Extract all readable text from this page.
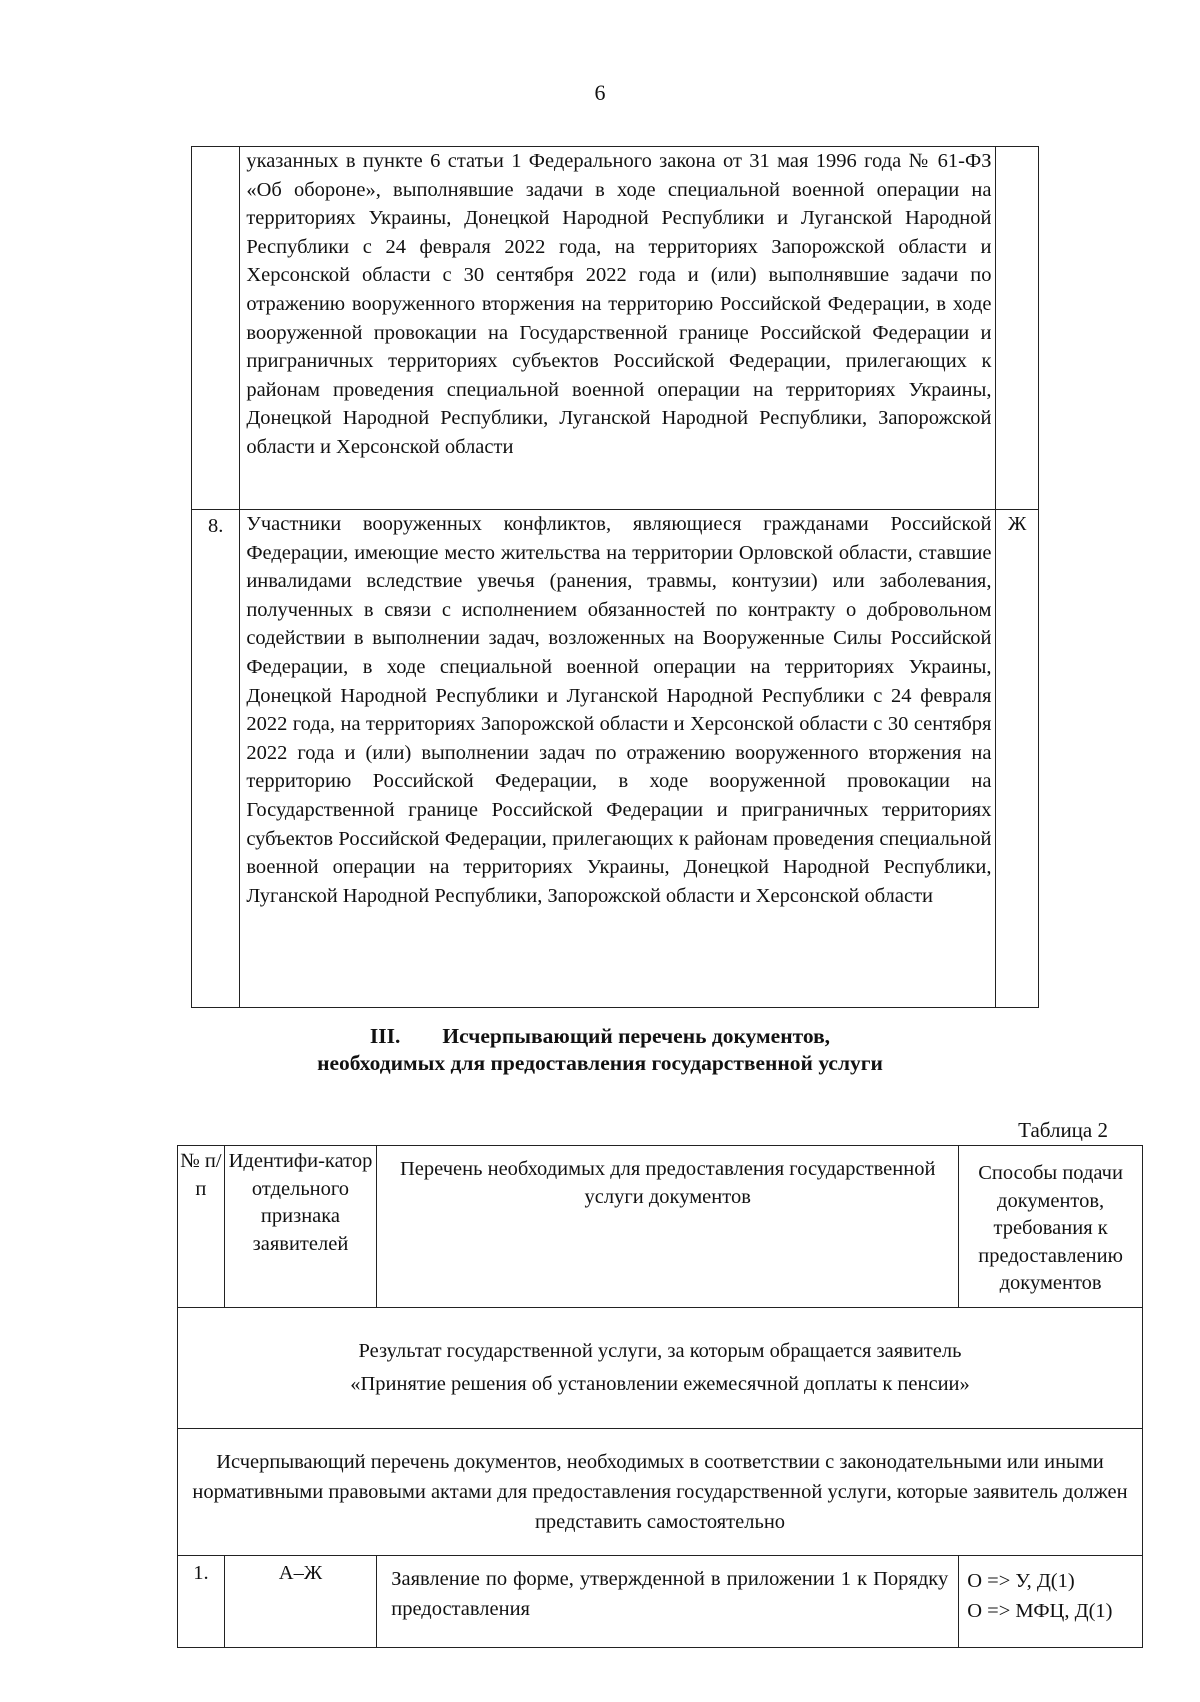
6
	указанных в пункте 6 статьи 1 Федерального закона от 31 мая 1996 года № 61-ФЗ «Об обороне», выполнявшие задачи в ходе специальной военной операции на территориях Украины, Донецкой Народной Республики и Луганской Народной Республики с 24 февраля 2022 года, на территориях Запорожской области и Херсонской области с 30 сентября 2022 года и (или) выполнявшие задачи по отражению вооруженного вторжения на территорию Российской Федерации, в ходе вооруженной провокации на Государственной границе Российской Федерации и приграничных территориях субъектов Российской Федерации, прилегающих к районам проведения специальной военной операции на территориях Украины, Донецкой Народной Республики, Луганской Народной Республики, Запорожской области и Херсонской области	
8.	Участники вооруженных конфликтов, являющиеся гражданами Российской Федерации, имеющие место жительства на территории Орловской области, ставшие инвалидами вследствие увечья (ранения, травмы, контузии) или заболевания, полученных в связи с исполнением обязанностей по контракту о добровольном содействии в выполнении задач, возложенных на Вооруженные Силы Российской Федерации, в ходе специальной военной операции на территориях Украины, Донецкой Народной Республики и Луганской Народной Республики с 24 февраля 2022 года, на территориях Запорожской области и Херсонской области с 30 сентября 2022 года и (или) выполнении задач по отражению вооруженного вторжения на территорию Российской Федерации, в ходе вооруженной провокации на Государственной границе Российской Федерации и приграничных территориях субъектов Российской Федерации, прилегающих к районам проведения специальной военной операции на территориях Украины, Донецкой Народной Республики, Луганской Народной Республики, Запорожской области и Херсонской области	Ж
III. Исчерпывающий перечень документов,
необходимых для предоставления государственной услуги
Таблица 2
№ п/п	Идентифи-катор отдельного признака заявителей	Перечень необходимых для предоставления государственной услуги документов	Способы подачи документов, требования к предоставлению документов

Результат государственной услуги, за которым обращается заявитель
«Принятие решения об установлении ежемесячной доплаты к пенсии»			

Исчерпывающий перечень документов, необходимых в соответствии с законодательными или иными нормативными правовыми актами для предоставления государственной услуги, которые заявитель должен представить самостоятельно			
1.	А–Ж	Заявление по форме, утвержденной в приложении 1 к Порядку предоставления	О => У, Д(1)
О => МФЦ, Д(1)
